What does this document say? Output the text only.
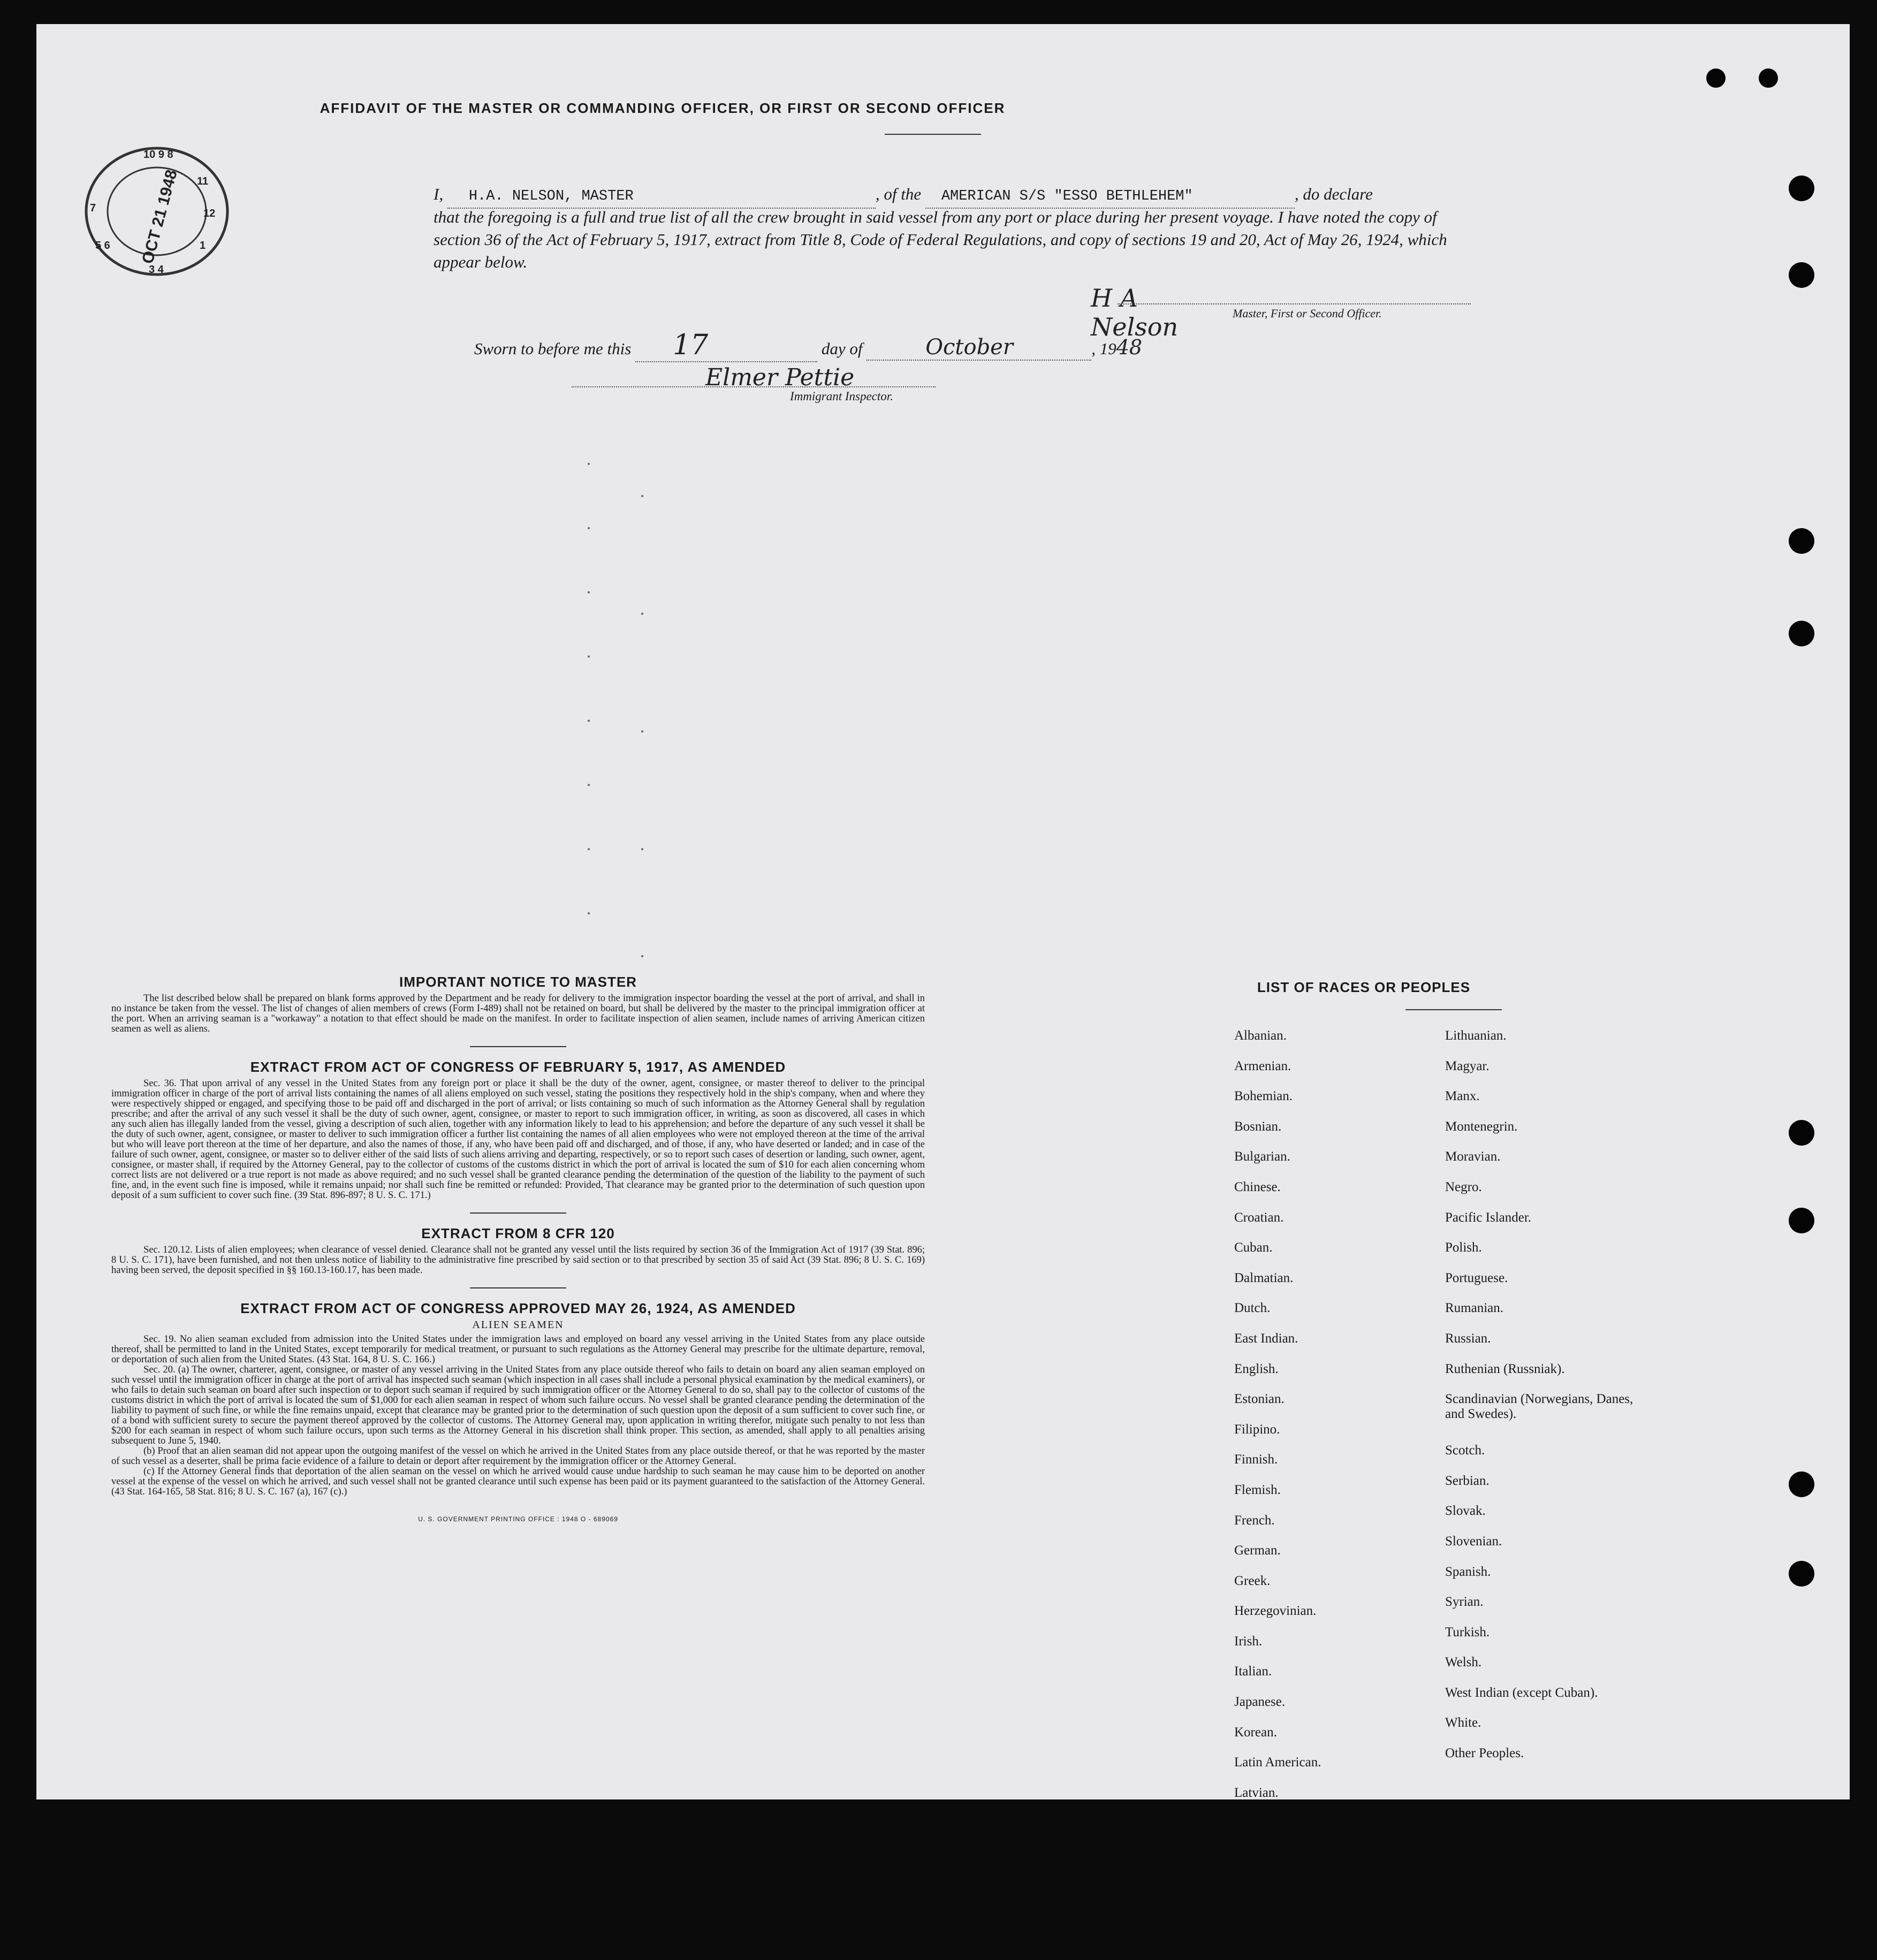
10 9 8
11
12
1
3 4
5 6
7	OCT 21 1948
AFFIDAVIT OF THE MASTER OR COMMANDING OFFICER, OR FIRST OR SECOND OFFICER
I, H.A. NELSON, MASTER	, of the AMERICAN S/S "ESSO BETHLEHEM"	, do declare
that the foregoing is a full and true list of all the crew brought in said vessel from any port or place during her present voyage. I have noted the copy of section 36 of the Act of February 5, 1917, extract from Title 8, Code of Federal Regulations, and copy of sections 19 and 20, Act of May 26, 1924, which appear below.
H A Nelson	Master, First or Second Officer.
Sworn to before me this 17	day of	October	, 1948
Elmer Pettie
Immigrant Inspector.
IMPORTANT NOTICE TO MASTER

The list described below shall be prepared on blank forms approved by the Department and be ready for delivery to the immigration inspector boarding the vessel at the port of arrival, and shall in no instance be taken from the vessel. The list of changes of alien members of crews (Form I-489) shall not be retained on board, but shall be delivered by the master to the principal immigration officer at the port. When an arriving seaman is a "workaway" a notation to that effect should be made on the manifest. In order to facilitate inspection of alien seamen, include names of arriving American citizen seamen as well as aliens.

EXTRACT FROM ACT OF CONGRESS OF FEBRUARY 5, 1917, AS AMENDED

Sec. 36. That upon arrival of any vessel in the United States from any foreign port or place it shall be the duty of the owner, agent, consignee, or master thereof to deliver to the principal immigration officer in charge of the port of arrival lists containing the names of all aliens employed on such vessel, stating the positions they respectively hold in the ship's company, when and where they were respectively shipped or engaged, and specifying those to be paid off and discharged in the port of arrival; or lists containing so much of such information as the Attorney General shall by regulation prescribe; and after the arrival of any such vessel it shall be the duty of such owner, agent, consignee, or master to report to such immigration officer, in writing, as soon as discovered, all cases in which any such alien has illegally landed from the vessel, giving a description of such alien, together with any information likely to lead to his apprehension; and before the departure of any such vessel it shall be the duty of such owner, agent, consignee, or master to deliver to such immigration officer a further list containing the names of all alien employees who were not employed thereon at the time of the arrival but who will leave port thereon at the time of her departure, and also the names of those, if any, who have been paid off and discharged, and of those, if any, who have deserted or landed; and in case of the failure of such owner, agent, consignee, or master so to deliver either of the said lists of such aliens arriving and departing, respectively, or so to report such cases of desertion or landing, such owner, agent, consignee, or master shall, if required by the Attorney General, pay to the collector of customs of the customs district in which the port of arrival is located the sum of $10 for each alien concerning whom correct lists are not delivered or a true report is not made as above required; and no such vessel shall be granted clearance pending the determination of the question of the liability to the payment of such fine, and, in the event such fine is imposed, while it remains unpaid; nor shall such fine be remitted or refunded: Provided, That clearance may be granted prior to the determination of such question upon deposit of a sum sufficient to cover such fine. (39 Stat. 896-897; 8 U. S. C. 171.)

EXTRACT FROM 8 CFR 120

Sec. 120.12. Lists of alien employees; when clearance of vessel denied. Clearance shall not be granted any vessel until the lists required by section 36 of the Immigration Act of 1917 (39 Stat. 896; 8 U. S. C. 171), have been furnished, and not then unless notice of liability to the administrative fine prescribed by said section or to that prescribed by section 35 of said Act (39 Stat. 896; 8 U. S. C. 169) having been served, the deposit specified in §§ 160.13-160.17, has been made.

EXTRACT FROM ACT OF CONGRESS APPROVED MAY 26, 1924, AS AMENDED
ALIEN SEAMEN

Sec. 19. No alien seaman excluded from admission into the United States under the immigration laws and employed on board any vessel arriving in the United States from any place outside thereof, shall be permitted to land in the United States, except temporarily for medical treatment, or pursuant to such regulations as the Attorney General may prescribe for the ultimate departure, removal, or deportation of such alien from the United States. (43 Stat. 164, 8 U. S. C. 166.)

Sec. 20. (a) The owner, charterer, agent, consignee, or master of any vessel arriving in the United States from any place outside thereof who fails to detain on board any alien seaman employed on such vessel until the immigration officer in charge at the port of arrival has inspected such seaman (which inspection in all cases shall include a personal physical examination by the medical examiners), or who fails to detain such seaman on board after such inspection or to deport such seaman if required by such immigration officer or the Attorney General to do so, shall pay to the collector of customs of the customs district in which the port of arrival is located the sum of $1,000 for each alien seaman in respect of whom such failure occurs. No vessel shall be granted clearance pending the determination of the liability to payment of such fine, or while the fine remains unpaid, except that clearance may be granted prior to the determination of such question upon the deposit of a sum sufficient to cover such fine, or of a bond with sufficient surety to secure the payment thereof approved by the collector of customs. The Attorney General may, upon application in writing therefor, mitigate such penalty to not less than $200 for each seaman in respect of whom such failure occurs, upon such terms as the Attorney General in his discretion shall think proper. This section, as amended, shall apply to all penalties arising subsequent to June 5, 1940.

(b) Proof that an alien seaman did not appear upon the outgoing manifest of the vessel on which he arrived in the United States from any place outside thereof, or that he was reported by the master of such vessel as a deserter, shall be prima facie evidence of a failure to detain or deport after requirement by the immigration officer or the Attorney General.

(c) If the Attorney General finds that deportation of the alien seaman on the vessel on which he arrived would cause undue hardship to such seaman he may cause him to be deported on another vessel at the expense of the vessel on which he arrived, and such vessel shall not be granted clearance until such expense has been paid or its payment guaranteed to the satisfaction of the Attorney General. (43 Stat. 164-165, 58 Stat. 816; 8 U. S. C. 167 (a), 167 (c).)

U. S. GOVERNMENT PRINTING OFFICE : 1948 O - 689069
LIST OF RACES OR PEOPLES
Albanian.
Armenian.
Bohemian.
Bosnian.
Bulgarian.
Chinese.
Croatian.
Cuban.
Dalmatian.
Dutch.
East Indian.
English.
Estonian.
Filipino.
Finnish.
Flemish.
French.
German.
Greek.
Herzegovinian.
Irish.
Italian.
Japanese.
Korean.
Latin American.
Latvian.
Lithuanian.
Magyar.
Manx.
Montenegrin.
Moravian.
Negro.
Pacific Islander.
Polish.
Portuguese.
Rumanian.
Russian.
Ruthenian (Russniak).
Scandinavian (Norwegians, Danes, and Swedes).
Scotch.
Serbian.
Slovak.
Slovenian.
Spanish.
Syrian.
Turkish.
Welsh.
West Indian (except Cuban).
White.
Other Peoples.
